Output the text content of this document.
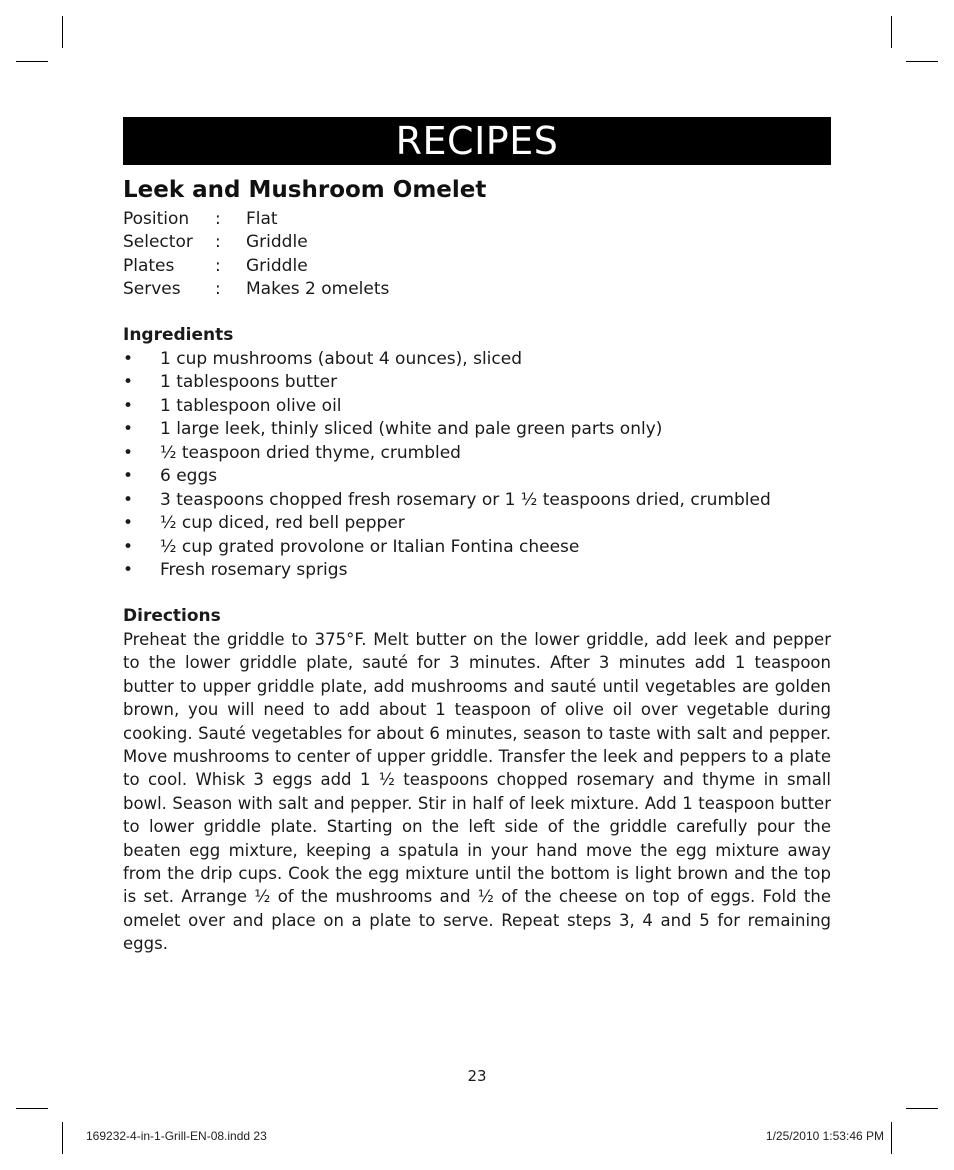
RECIPES
Leek and Mushroom Omelet
Position	:	Flat
Selector	:	Griddle
Plates	:	Griddle
Serves	:	Makes 2 omelets
Ingredients
•	1 cup mushrooms (about 4 ounces), sliced
•	1 tablespoons butter
•	1 tablespoon olive oil
•	1 large leek, thinly sliced (white and pale green parts only)
•	½ teaspoon dried thyme, crumbled
•	6 eggs
•	3 teaspoons chopped fresh rosemary or 1 ½ teaspoons dried, crumbled
•	½ cup diced, red bell pepper
•	½ cup grated provolone or Italian Fontina cheese
•	Fresh rosemary sprigs
Directions

Preheat the griddle to 375°F. Melt butter on the lower griddle, add leek and pepper to the lower griddle plate, sauté for 3 minutes. After 3 minutes add 1 teaspoon butter to upper griddle plate, add mushrooms and sauté until vegetables are golden brown, you will need to add about 1 teaspoon of olive oil over vegetable during cooking. Sauté vegetables for about 6 minutes, season to taste with salt and pepper. Move mushrooms to center of upper griddle. Transfer the leek and peppers to a plate to cool. Whisk 3 eggs add 1 ½ teaspoons chopped rosemary and thyme in small bowl. Season with salt and pepper. Stir in half of leek mixture. Add 1 teaspoon butter to lower griddle plate. Starting on the left side of the griddle carefully pour the beaten egg mixture, keeping a spatula in your hand move the egg mixture away from the drip cups. Cook the egg mixture until the bottom is light brown and the top is set. Arrange ½ of the mushrooms and ½ of the cheese on top of eggs. Fold the omelet over and place on a plate to serve. Repeat steps 3, 4 and 5 for remaining eggs.

23
169232-4-in-1-Grill-EN-08.indd 23	1/25/2010 1:53:46 PM
